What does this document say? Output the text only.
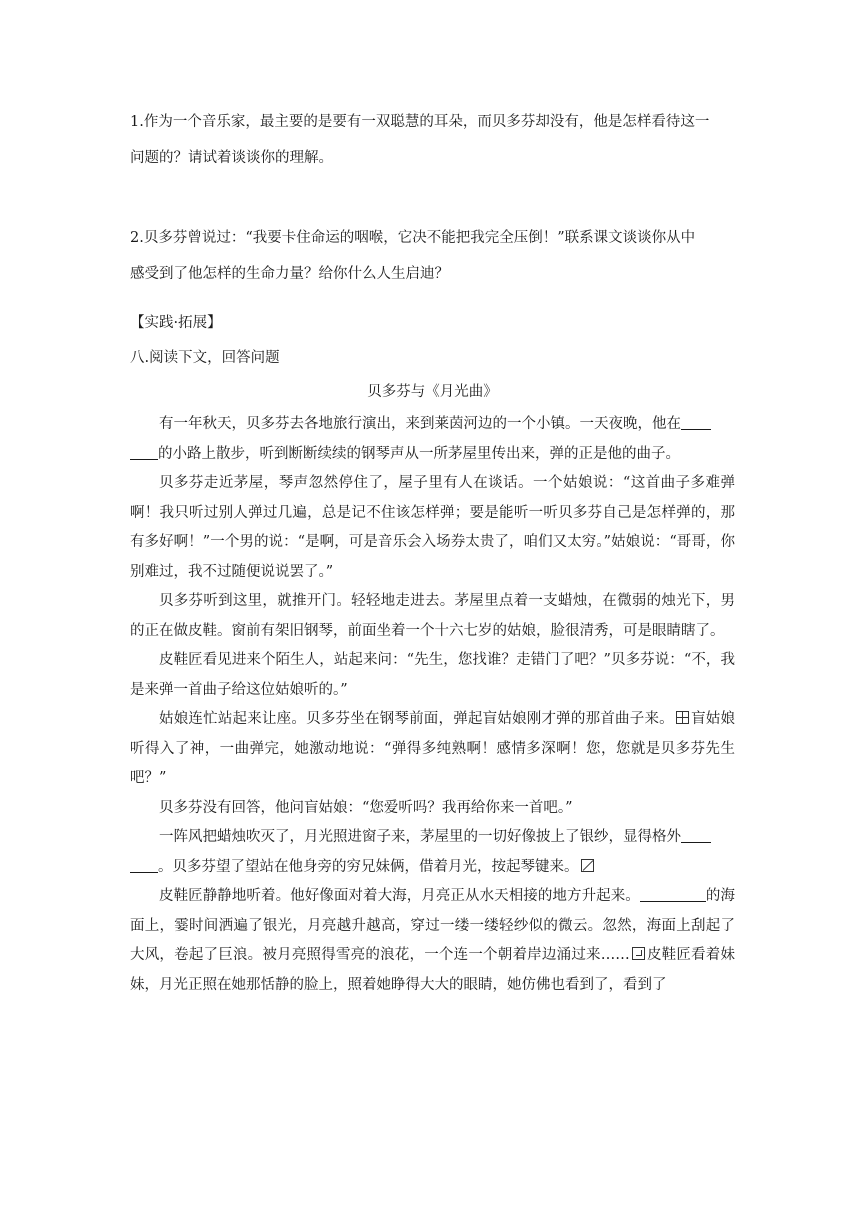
1.作为一个音乐家，最主要的是要有一双聪慧的耳朵，而贝多芬却没有，他是怎样看待这一

问题的？请试着谈谈你的理解。

2.贝多芬曾说过：“我要卡住命运的咽喉，它决不能把我完全压倒！”联系课文谈谈你从中

感受到了他怎样的生命力量？给你什么人生启迪？

【实践·拓展】

八.阅读下文，回答问题

贝多芬与《月光曲》

有一年秋天，贝多芬去各地旅行演出，来到莱茵河边的一个小镇。一天夜晚，他在
的小路上散步，听到断断续续的钢琴声从一所茅屋里传出来，弹的正是他的曲子。

贝多芬走近茅屋，琴声忽然停住了，屋子里有人在谈话。一个姑娘说：“这首曲子多难弹啊！我只听过别人弹过几遍，总是记不住该怎样弹；要是能听一听贝多芬自己是怎样弹的，那有多好啊！”一个男的说：“是啊，可是音乐会入场券太贵了，咱们又太穷。”姑娘说：“哥哥，你别难过，我不过随便说说罢了。”

贝多芬听到这里，就推开门。轻轻地走进去。茅屋里点着一支蜡烛，在微弱的烛光下，男的正在做皮鞋。窗前有架旧钢琴，前面坐着一个十六七岁的姑娘，脸很清秀，可是眼睛瞎了。

皮鞋匠看见进来个陌生人，站起来问：“先生，您找谁？走错门了吧？”贝多芬说：“不，我是来弹一首曲子给这位姑娘听的。”

姑娘连忙站起来让座。贝多芬坐在钢琴前面，弹起盲姑娘刚才弹的那首曲子来。 盲姑娘听得入了神，一曲弹完，她激动地说：“弹得多纯熟啊！感情多深啊！您，您就是贝多芬先生吧？”

贝多芬没有回答，他问盲姑娘：“您爱听吗？我再给你来一首吧。”

一阵风把蜡烛吹灭了，月光照进窗子来，茅屋里的一切好像披上了银纱，显得格外
。贝多芬望了望站在他身旁的穷兄妹俩，借着月光，按起琴键来。

皮鞋匠静静地听着。他好像面对着大海，月亮正从水天相接的地方升起来。	的海面上，霎时间洒遍了银光，月亮越升越高，穿过一缕一缕轻纱似的微云。忽然，海面上刮起了大风，卷起了巨浪。被月亮照得雪亮的浪花，一个连一个朝着岸边涌过来…… 皮鞋匠看着妹妹，月光正照在她那恬静的脸上，照着她睁得大大的眼睛，她仿佛也看到了，看到了
